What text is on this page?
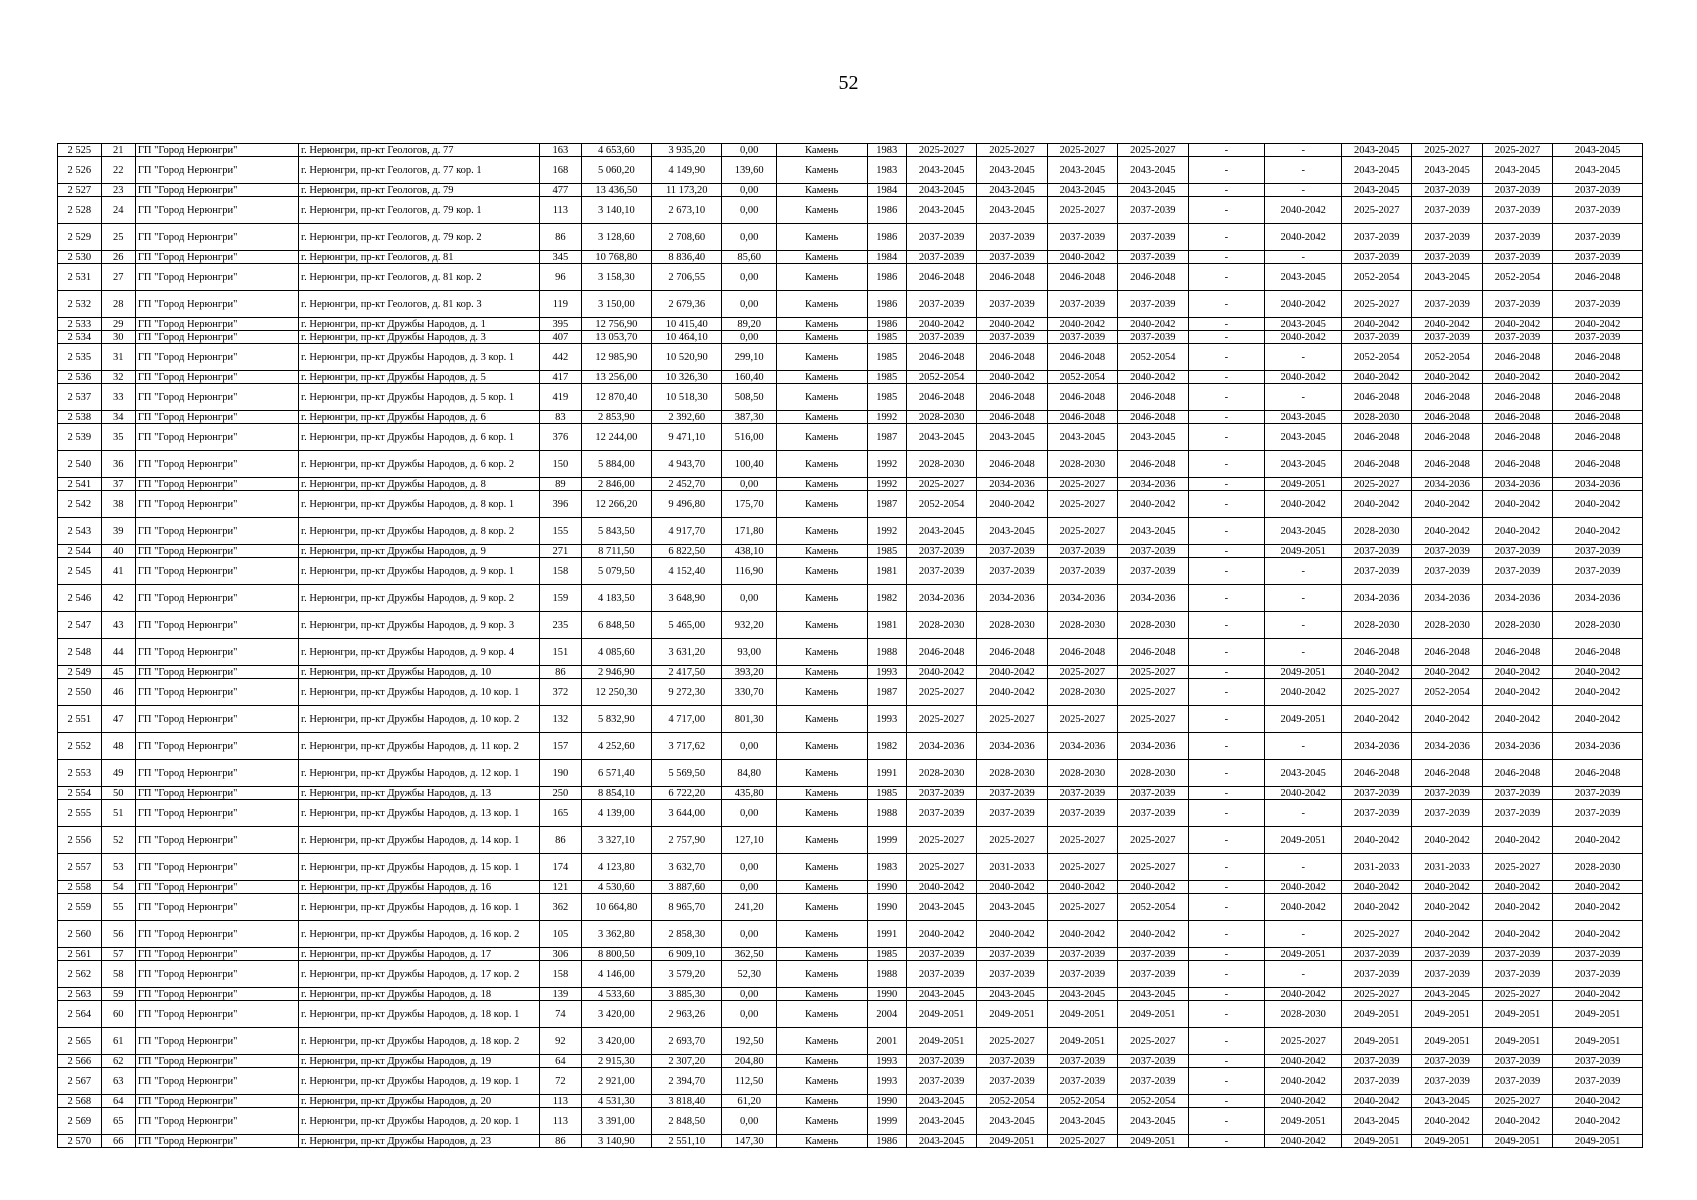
52
2 525	21	ГП "Город Нерюнгри"	г. Нерюнгри, пр-кт Геологов, д. 77	163	4 653,60	3 935,20	0,00	Камень	1983	2025-2027	2025-2027	2025-2027	2025-2027	-	-	2043-2045	2025-2027	2025-2027	2043-2045
2 526	22	ГП "Город Нерюнгри"	г. Нерюнгри, пр-кт Геологов, д. 77 кор. 1	168	5 060,20	4 149,90	139,60	Камень	1983	2043-2045	2043-2045	2043-2045	2043-2045	-	-	2043-2045	2043-2045	2043-2045	2043-2045
2 527	23	ГП "Город Нерюнгри"	г. Нерюнгри, пр-кт Геологов, д. 79	477	13 436,50	11 173,20	0,00	Камень	1984	2043-2045	2043-2045	2043-2045	2043-2045	-	-	2043-2045	2037-2039	2037-2039	2037-2039
2 528	24	ГП "Город Нерюнгри"	г. Нерюнгри, пр-кт Геологов, д. 79 кор. 1	113	3 140,10	2 673,10	0,00	Камень	1986	2043-2045	2043-2045	2025-2027	2037-2039	-	2040-2042	2025-2027	2037-2039	2037-2039	2037-2039
2 529	25	ГП "Город Нерюнгри"	г. Нерюнгри, пр-кт Геологов, д. 79 кор. 2	86	3 128,60	2 708,60	0,00	Камень	1986	2037-2039	2037-2039	2037-2039	2037-2039	-	2040-2042	2037-2039	2037-2039	2037-2039	2037-2039
2 530	26	ГП "Город Нерюнгри"	г. Нерюнгри, пр-кт Геологов, д. 81	345	10 768,80	8 836,40	85,60	Камень	1984	2037-2039	2037-2039	2040-2042	2037-2039	-	-	2037-2039	2037-2039	2037-2039	2037-2039
2 531	27	ГП "Город Нерюнгри"	г. Нерюнгри, пр-кт Геологов, д. 81 кор. 2	96	3 158,30	2 706,55	0,00	Камень	1986	2046-2048	2046-2048	2046-2048	2046-2048	-	2043-2045	2052-2054	2043-2045	2052-2054	2046-2048
2 532	28	ГП "Город Нерюнгри"	г. Нерюнгри, пр-кт Геологов, д. 81 кор. 3	119	3 150,00	2 679,36	0,00	Камень	1986	2037-2039	2037-2039	2037-2039	2037-2039	-	2040-2042	2025-2027	2037-2039	2037-2039	2037-2039
2 533	29	ГП "Город Нерюнгри"	г. Нерюнгри, пр-кт Дружбы Народов, д. 1	395	12 756,90	10 415,40	89,20	Камень	1986	2040-2042	2040-2042	2040-2042	2040-2042	-	2043-2045	2040-2042	2040-2042	2040-2042	2040-2042
2 534	30	ГП "Город Нерюнгри"	г. Нерюнгри, пр-кт Дружбы Народов, д. 3	407	13 053,70	10 464,10	0,00	Камень	1985	2037-2039	2037-2039	2037-2039	2037-2039	-	2040-2042	2037-2039	2037-2039	2037-2039	2037-2039
2 535	31	ГП "Город Нерюнгри"	г. Нерюнгри, пр-кт Дружбы Народов, д. 3 кор. 1	442	12 985,90	10 520,90	299,10	Камень	1985	2046-2048	2046-2048	2046-2048	2052-2054	-	-	2052-2054	2052-2054	2046-2048	2046-2048
2 536	32	ГП "Город Нерюнгри"	г. Нерюнгри, пр-кт Дружбы Народов, д. 5	417	13 256,00	10 326,30	160,40	Камень	1985	2052-2054	2040-2042	2052-2054	2040-2042	-	2040-2042	2040-2042	2040-2042	2040-2042	2040-2042
2 537	33	ГП "Город Нерюнгри"	г. Нерюнгри, пр-кт Дружбы Народов, д. 5 кор. 1	419	12 870,40	10 518,30	508,50	Камень	1985	2046-2048	2046-2048	2046-2048	2046-2048	-	-	2046-2048	2046-2048	2046-2048	2046-2048
2 538	34	ГП "Город Нерюнгри"	г. Нерюнгри, пр-кт Дружбы Народов, д. 6	83	2 853,90	2 392,60	387,30	Камень	1992	2028-2030	2046-2048	2046-2048	2046-2048	-	2043-2045	2028-2030	2046-2048	2046-2048	2046-2048
2 539	35	ГП "Город Нерюнгри"	г. Нерюнгри, пр-кт Дружбы Народов, д. 6 кор. 1	376	12 244,00	9 471,10	516,00	Камень	1987	2043-2045	2043-2045	2043-2045	2043-2045	-	2043-2045	2046-2048	2046-2048	2046-2048	2046-2048
2 540	36	ГП "Город Нерюнгри"	г. Нерюнгри, пр-кт Дружбы Народов, д. 6 кор. 2	150	5 884,00	4 943,70	100,40	Камень	1992	2028-2030	2046-2048	2028-2030	2046-2048	-	2043-2045	2046-2048	2046-2048	2046-2048	2046-2048
2 541	37	ГП "Город Нерюнгри"	г. Нерюнгри, пр-кт Дружбы Народов, д. 8	89	2 846,00	2 452,70	0,00	Камень	1992	2025-2027	2034-2036	2025-2027	2034-2036	-	2049-2051	2025-2027	2034-2036	2034-2036	2034-2036
2 542	38	ГП "Город Нерюнгри"	г. Нерюнгри, пр-кт Дружбы Народов, д. 8 кор. 1	396	12 266,20	9 496,80	175,70	Камень	1987	2052-2054	2040-2042	2025-2027	2040-2042	-	2040-2042	2040-2042	2040-2042	2040-2042	2040-2042
2 543	39	ГП "Город Нерюнгри"	г. Нерюнгри, пр-кт Дружбы Народов, д. 8 кор. 2	155	5 843,50	4 917,70	171,80	Камень	1992	2043-2045	2043-2045	2025-2027	2043-2045	-	2043-2045	2028-2030	2040-2042	2040-2042	2040-2042
2 544	40	ГП "Город Нерюнгри"	г. Нерюнгри, пр-кт Дружбы Народов, д. 9	271	8 711,50	6 822,50	438,10	Камень	1985	2037-2039	2037-2039	2037-2039	2037-2039	-	2049-2051	2037-2039	2037-2039	2037-2039	2037-2039
2 545	41	ГП "Город Нерюнгри"	г. Нерюнгри, пр-кт Дружбы Народов, д. 9 кор. 1	158	5 079,50	4 152,40	116,90	Камень	1981	2037-2039	2037-2039	2037-2039	2037-2039	-	-	2037-2039	2037-2039	2037-2039	2037-2039
2 546	42	ГП "Город Нерюнгри"	г. Нерюнгри, пр-кт Дружбы Народов, д. 9 кор. 2	159	4 183,50	3 648,90	0,00	Камень	1982	2034-2036	2034-2036	2034-2036	2034-2036	-	-	2034-2036	2034-2036	2034-2036	2034-2036
2 547	43	ГП "Город Нерюнгри"	г. Нерюнгри, пр-кт Дружбы Народов, д. 9 кор. 3	235	6 848,50	5 465,00	932,20	Камень	1981	2028-2030	2028-2030	2028-2030	2028-2030	-	-	2028-2030	2028-2030	2028-2030	2028-2030
2 548	44	ГП "Город Нерюнгри"	г. Нерюнгри, пр-кт Дружбы Народов, д. 9 кор. 4	151	4 085,60	3 631,20	93,00	Камень	1988	2046-2048	2046-2048	2046-2048	2046-2048	-	-	2046-2048	2046-2048	2046-2048	2046-2048
2 549	45	ГП "Город Нерюнгри"	г. Нерюнгри, пр-кт Дружбы Народов, д. 10	86	2 946,90	2 417,50	393,20	Камень	1993	2040-2042	2040-2042	2025-2027	2025-2027	-	2049-2051	2040-2042	2040-2042	2040-2042	2040-2042
2 550	46	ГП "Город Нерюнгри"	г. Нерюнгри, пр-кт Дружбы Народов, д. 10 кор. 1	372	12 250,30	9 272,30	330,70	Камень	1987	2025-2027	2040-2042	2028-2030	2025-2027	-	2040-2042	2025-2027	2052-2054	2040-2042	2040-2042
2 551	47	ГП "Город Нерюнгри"	г. Нерюнгри, пр-кт Дружбы Народов, д. 10 кор. 2	132	5 832,90	4 717,00	801,30	Камень	1993	2025-2027	2025-2027	2025-2027	2025-2027	-	2049-2051	2040-2042	2040-2042	2040-2042	2040-2042
2 552	48	ГП "Город Нерюнгри"	г. Нерюнгри, пр-кт Дружбы Народов, д. 11 кор. 2	157	4 252,60	3 717,62	0,00	Камень	1982	2034-2036	2034-2036	2034-2036	2034-2036	-	-	2034-2036	2034-2036	2034-2036	2034-2036
2 553	49	ГП "Город Нерюнгри"	г. Нерюнгри, пр-кт Дружбы Народов, д. 12 кор. 1	190	6 571,40	5 569,50	84,80	Камень	1991	2028-2030	2028-2030	2028-2030	2028-2030	-	2043-2045	2046-2048	2046-2048	2046-2048	2046-2048
2 554	50	ГП "Город Нерюнгри"	г. Нерюнгри, пр-кт Дружбы Народов, д. 13	250	8 854,10	6 722,20	435,80	Камень	1985	2037-2039	2037-2039	2037-2039	2037-2039	-	2040-2042	2037-2039	2037-2039	2037-2039	2037-2039
2 555	51	ГП "Город Нерюнгри"	г. Нерюнгри, пр-кт Дружбы Народов, д. 13 кор. 1	165	4 139,00	3 644,00	0,00	Камень	1988	2037-2039	2037-2039	2037-2039	2037-2039	-	-	2037-2039	2037-2039	2037-2039	2037-2039
2 556	52	ГП "Город Нерюнгри"	г. Нерюнгри, пр-кт Дружбы Народов, д. 14 кор. 1	86	3 327,10	2 757,90	127,10	Камень	1999	2025-2027	2025-2027	2025-2027	2025-2027	-	2049-2051	2040-2042	2040-2042	2040-2042	2040-2042
2 557	53	ГП "Город Нерюнгри"	г. Нерюнгри, пр-кт Дружбы Народов, д. 15 кор. 1	174	4 123,80	3 632,70	0,00	Камень	1983	2025-2027	2031-2033	2025-2027	2025-2027	-	-	2031-2033	2031-2033	2025-2027	2028-2030
2 558	54	ГП "Город Нерюнгри"	г. Нерюнгри, пр-кт Дружбы Народов, д. 16	121	4 530,60	3 887,60	0,00	Камень	1990	2040-2042	2040-2042	2040-2042	2040-2042	-	2040-2042	2040-2042	2040-2042	2040-2042	2040-2042
2 559	55	ГП "Город Нерюнгри"	г. Нерюнгри, пр-кт Дружбы Народов, д. 16 кор. 1	362	10 664,80	8 965,70	241,20	Камень	1990	2043-2045	2043-2045	2025-2027	2052-2054	-	2040-2042	2040-2042	2040-2042	2040-2042	2040-2042
2 560	56	ГП "Город Нерюнгри"	г. Нерюнгри, пр-кт Дружбы Народов, д. 16 кор. 2	105	3 362,80	2 858,30	0,00	Камень	1991	2040-2042	2040-2042	2040-2042	2040-2042	-	-	2025-2027	2040-2042	2040-2042	2040-2042
2 561	57	ГП "Город Нерюнгри"	г. Нерюнгри, пр-кт Дружбы Народов, д. 17	306	8 800,50	6 909,10	362,50	Камень	1985	2037-2039	2037-2039	2037-2039	2037-2039	-	2049-2051	2037-2039	2037-2039	2037-2039	2037-2039
2 562	58	ГП "Город Нерюнгри"	г. Нерюнгри, пр-кт Дружбы Народов, д. 17 кор. 2	158	4 146,00	3 579,20	52,30	Камень	1988	2037-2039	2037-2039	2037-2039	2037-2039	-	-	2037-2039	2037-2039	2037-2039	2037-2039
2 563	59	ГП "Город Нерюнгри"	г. Нерюнгри, пр-кт Дружбы Народов, д. 18	139	4 533,60	3 885,30	0,00	Камень	1990	2043-2045	2043-2045	2043-2045	2043-2045	-	2040-2042	2025-2027	2043-2045	2025-2027	2040-2042
2 564	60	ГП "Город Нерюнгри"	г. Нерюнгри, пр-кт Дружбы Народов, д. 18 кор. 1	74	3 420,00	2 963,26	0,00	Камень	2004	2049-2051	2049-2051	2049-2051	2049-2051	-	2028-2030	2049-2051	2049-2051	2049-2051	2049-2051
2 565	61	ГП "Город Нерюнгри"	г. Нерюнгри, пр-кт Дружбы Народов, д. 18 кор. 2	92	3 420,00	2 693,70	192,50	Камень	2001	2049-2051	2025-2027	2049-2051	2025-2027	-	2025-2027	2049-2051	2049-2051	2049-2051	2049-2051
2 566	62	ГП "Город Нерюнгри"	г. Нерюнгри, пр-кт Дружбы Народов, д. 19	64	2 915,30	2 307,20	204,80	Камень	1993	2037-2039	2037-2039	2037-2039	2037-2039	-	2040-2042	2037-2039	2037-2039	2037-2039	2037-2039
2 567	63	ГП "Город Нерюнгри"	г. Нерюнгри, пр-кт Дружбы Народов, д. 19 кор. 1	72	2 921,00	2 394,70	112,50	Камень	1993	2037-2039	2037-2039	2037-2039	2037-2039	-	2040-2042	2037-2039	2037-2039	2037-2039	2037-2039
2 568	64	ГП "Город Нерюнгри"	г. Нерюнгри, пр-кт Дружбы Народов, д. 20	113	4 531,30	3 818,40	61,20	Камень	1990	2043-2045	2052-2054	2052-2054	2052-2054	-	2040-2042	2040-2042	2043-2045	2025-2027	2040-2042
2 569	65	ГП "Город Нерюнгри"	г. Нерюнгри, пр-кт Дружбы Народов, д. 20 кор. 1	113	3 391,00	2 848,50	0,00	Камень	1999	2043-2045	2043-2045	2043-2045	2043-2045	-	2049-2051	2043-2045	2040-2042	2040-2042	2040-2042
2 570	66	ГП "Город Нерюнгри"	г. Нерюнгри, пр-кт Дружбы Народов, д. 23	86	3 140,90	2 551,10	147,30	Камень	1986	2043-2045	2049-2051	2025-2027	2049-2051	-	2040-2042	2049-2051	2049-2051	2049-2051	2049-2051
